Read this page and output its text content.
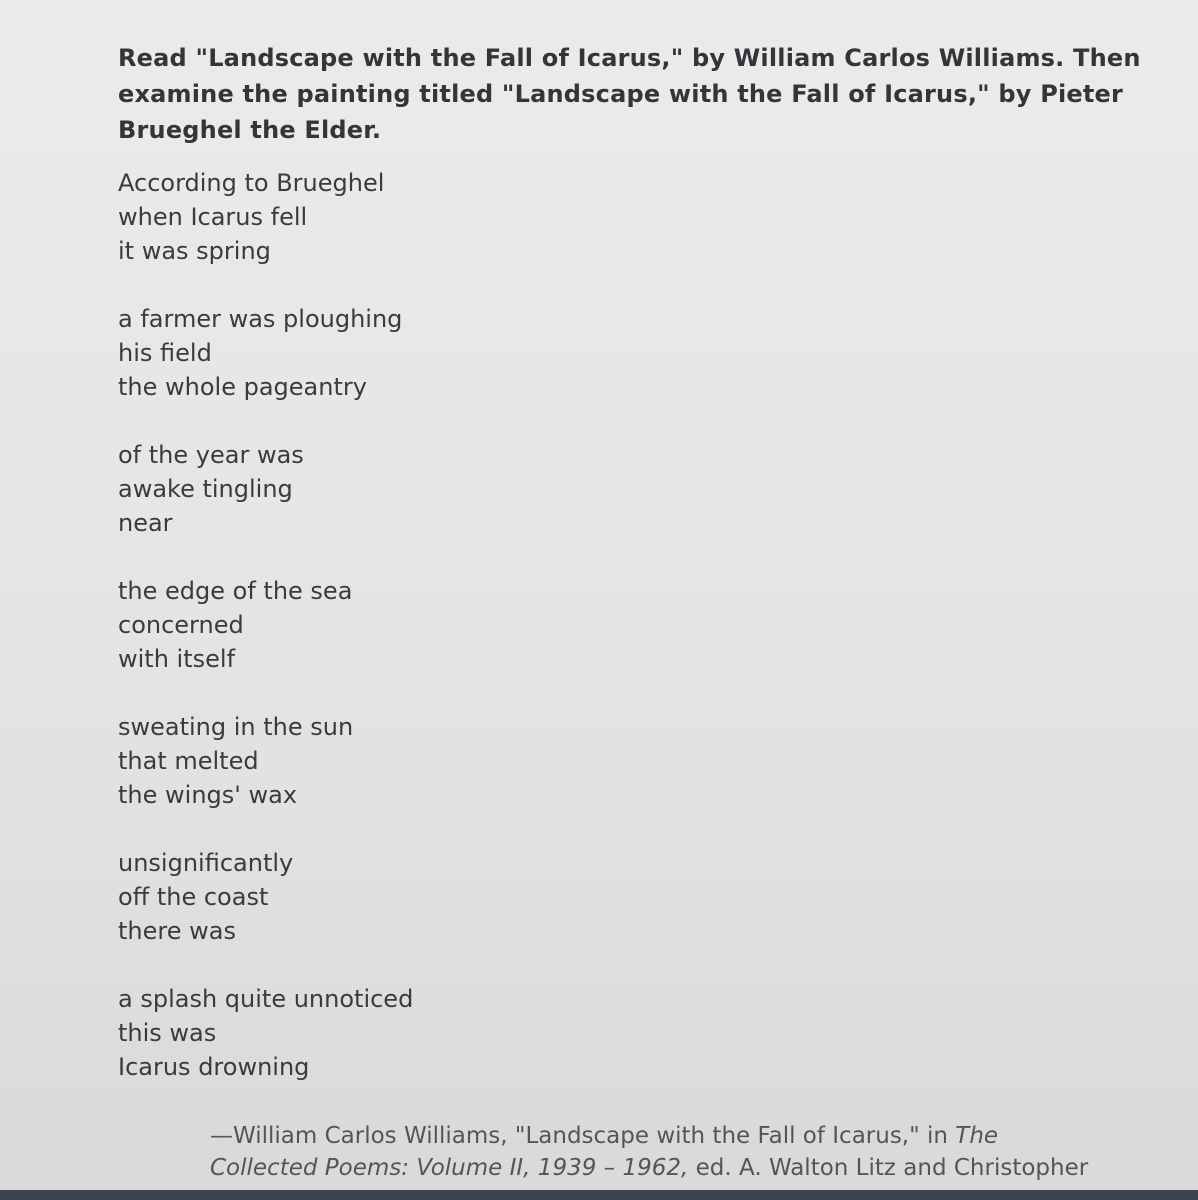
Read "Landscape with the Fall of Icarus," by William Carlos Williams. Then examine the painting titled "Landscape with the Fall of Icarus," by Pieter Brueghel the Elder.

According to Brueghel
when Icarus fell
it was spring
a farmer was ploughing
his field
the whole pageantry
of the year was
awake tingling
near
the edge of the sea
concerned
with itself
sweating in the sun
that melted
the wings' wax
unsignificantly
off the coast
there was
a splash quite unnoticed
this was
Icarus drowning
—William Carlos Williams, "Landscape with the Fall of Icarus," in The
Collected Poems: Volume II, 1939 – 1962, ed. A. Walton Litz and Christopher
